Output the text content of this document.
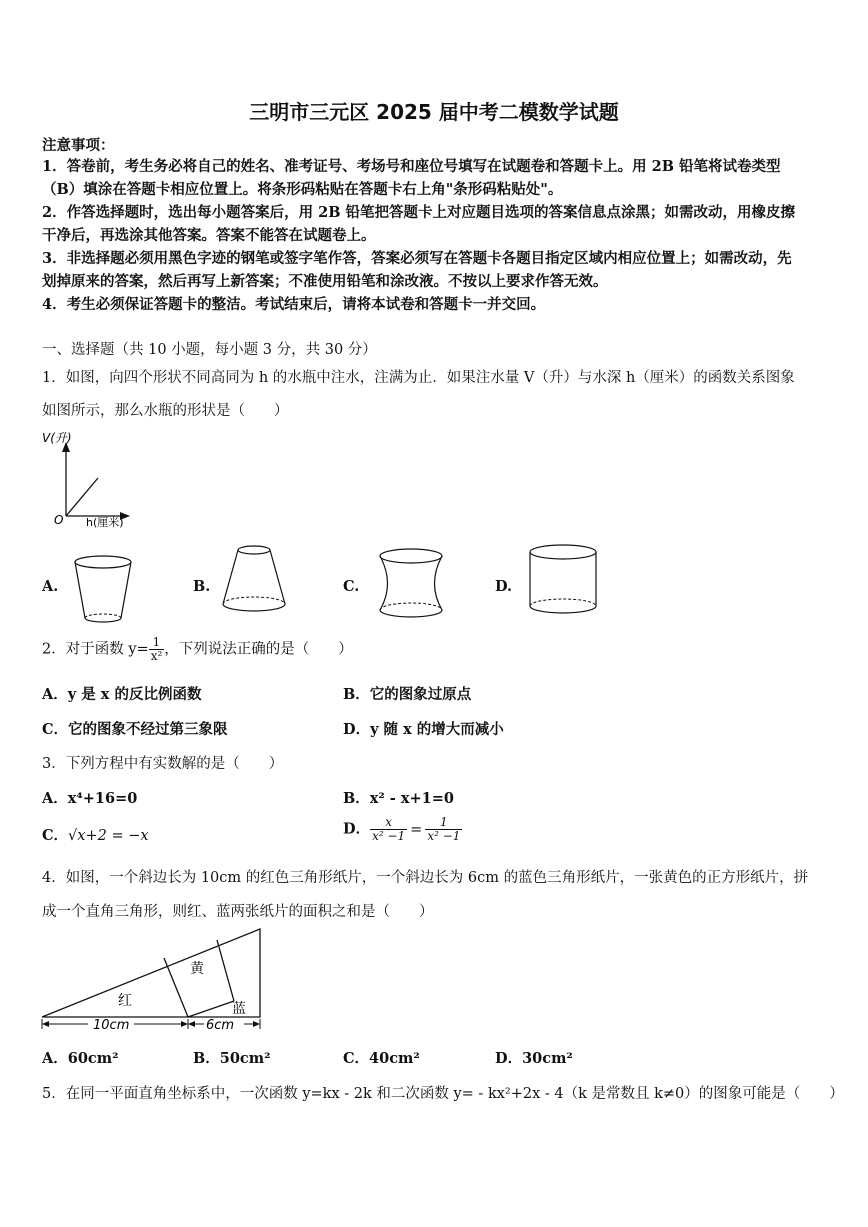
三明市三元区 2025 届中考二模数学试题
注意事项：
1．答卷前，考生务必将自己的姓名、准考证号、考场号和座位号填写在试题卷和答题卡上。用 2B 铅笔将试卷类型
（B）填涂在答题卡相应位置上。将条形码粘贴在答题卡右上角"条形码粘贴处"。
2．作答选择题时，选出每小题答案后，用 2B 铅笔把答题卡上对应题目选项的答案信息点涂黑；如需改动，用橡皮擦
干净后，再选涂其他答案。答案不能答在试题卷上。
3．非选择题必须用黑色字迹的钢笔或签字笔作答，答案必须写在答题卡各题目指定区域内相应位置上；如需改动，先
划掉原来的答案，然后再写上新答案；不准使用铅笔和涂改液。不按以上要求作答无效。
4．考生必须保证答题卡的整洁。考试结束后，请将本试卷和答题卡一并交回。
一、选择题（共 10 小题，每小题 3 分，共 30 分）
1．如图，向四个形状不同高同为 h 的水瓶中注水，注满为止．如果注水量 V（升）与水深 h（厘米）的函数关系图象
如图所示，那么水瓶的形状是（　　）
V(升)
O h(厘米)
A.	B.	C.	D.
2．对于函数 $y= \frac{1}{\text{x²}}$ ，下列说法正确的是（　　）
A．y 是 x 的反比例函数	B．它的图象过原点
C．它的图象不经过第三象限	D．y 随 x 的增大而减小
3．下列方程中有实数解的是（　　）
A．x⁴+16=0	B．x² - x+1=0
C．√x+2 = −x	D． $\frac{x}{\text{x² −1}} = \frac{1}{\text{x² −1}}$
4．如图，一个斜边长为 10cm 的红色三角形纸片，一个斜边长为 6cm 的蓝色三角形纸片，一张黄色的正方形纸片，拼
成一个直角三角形，则红、蓝两张纸片的面积之和是（　　）
黄
红	蓝
10cm	6cm
A．60cm²	B．50cm²	C．40cm²	D．30cm²
5．在同一平面直角坐标系中，一次函数 y=kx - 2k 和二次函数 y= - kx²+2x - 4（k 是常数且 k≠0）的图象可能是（　　）
